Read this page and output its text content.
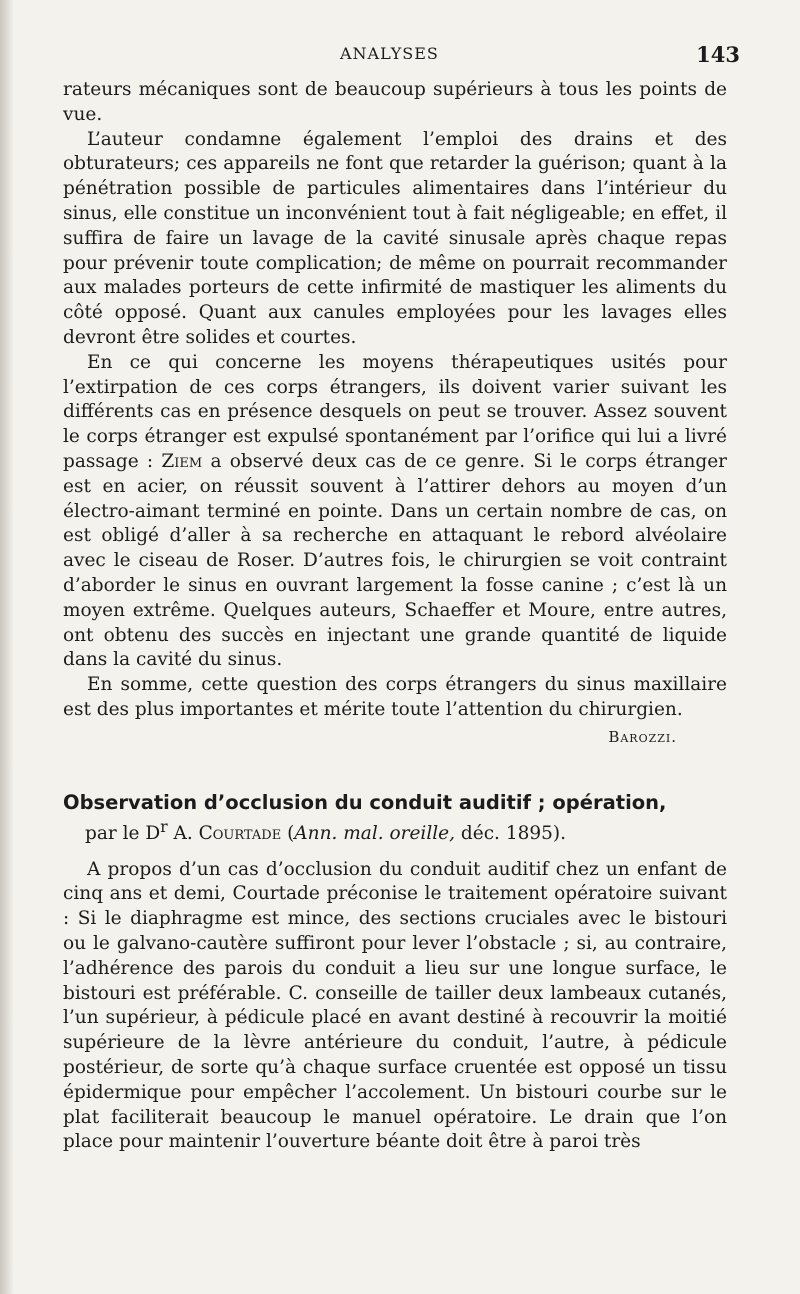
ANALYSES	143

rateurs mécaniques sont de beaucoup supérieurs à tous les points de vue.

L’auteur condamne également l’emploi des drains et des obturateurs; ces appareils ne font que retarder la guérison; quant à la pénétration possible de particules alimentaires dans l’intérieur du sinus, elle constitue un inconvénient tout à fait négligeable; en effet, il suffira de faire un lavage de la cavité sinusale après chaque repas pour prévenir toute complication; de même on pourrait recommander aux malades porteurs de cette infirmité de mastiquer les aliments du côté opposé. Quant aux canules employées pour les lavages elles devront être solides et courtes.

En ce qui concerne les moyens thérapeutiques usités pour l’extirpation de ces corps étrangers, ils doivent varier suivant les différents cas en présence desquels on peut se trouver. Assez souvent le corps étranger est expulsé spontanément par l’orifice qui lui a livré passage : Ziem a observé deux cas de ce genre. Si le corps étranger est en acier, on réussit souvent à l’attirer dehors au moyen d’un électro-aimant terminé en pointe. Dans un certain nombre de cas, on est obligé d’aller à sa recherche en attaquant le rebord alvéolaire avec le ciseau de Roser. D’autres fois, le chirurgien se voit contraint d’aborder le sinus en ouvrant largement la fosse canine ; c’est là un moyen extrême. Quelques auteurs, Schaeffer et Moure, entre autres, ont obtenu des succès en injectant une grande quantité de liquide dans la cavité du sinus.

En somme, cette question des corps étrangers du sinus maxillaire est des plus importantes et mérite toute l’attention du chirurgien.

Barozzi.
Observation d’occlusion du conduit auditif ; opération,
par le $D^r$ A. Courtade (Ann. mal. oreille, déc. 1895).

A propos d’un cas d’occlusion du conduit auditif chez un enfant de cinq ans et demi, Courtade préconise le traitement opératoire suivant : Si le diaphragme est mince, des sections cruciales avec le bistouri ou le galvano-cautère suffiront pour lever l’obstacle ; si, au contraire, l’adhérence des parois du conduit a lieu sur une longue surface, le bistouri est préférable. C. conseille de tailler deux lambeaux cutanés, l’un supérieur, à pédicule placé en avant destiné à recouvrir la moitié supérieure de la lèvre antérieure du conduit, l’autre, à pédicule postérieur, de sorte qu’à chaque surface cruentée est opposé un tissu épidermique pour empêcher l’accolement. Un bistouri courbe sur le plat faciliterait beaucoup le manuel opératoire. Le drain que l’on place pour maintenir l’ouverture béante doit être à paroi très
